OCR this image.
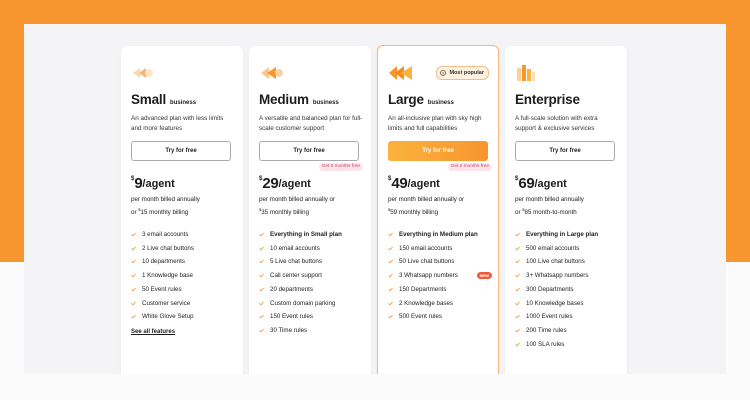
Small business
An advanced plan with less limits and more features
Try for free
$ 9 /agent
per month billed annually
or $15 monthly billing
3 email accounts
2 Live chat buttons
10 departments
1 Knowledge base
50 Event rules
Customer service
White Glove Setup
See all features
Medium business
A versatile and balanced plan for full-scale customer support
Try for free
Get 2 months free
$ 29 /agent
per month billed annually or
$35 monthly billing
Everything in Small plan
10 email accounts
5 Live chat buttons
Call center support
20 departments
Custom domain parking
150 Event rules
30 Time rules
Most popular
Large business
An all-inclusive plan with sky high limits and full capabilities
Try for free
Get 2 months free
$ 49 /agent
per month billed annually or
$59 monthly billing
Everything in Medium plan
150 email accounts
50 Live chat buttons
3 Whatsapp numbers	NEW
150 Departments
2 Knowledge bases
500 Event rules
Enterprise
A full-scale solution with extra support & exclusive services
Try for free
$ 69 /agent
per month billed annually
or $85 month-to-month
Everything in Large plan
500 email accounts
100 Live chat buttons
3+ Whatsapp numbers
300 Departments
10 Knowledge bases
1000 Event rules
200 Time rules
100 SLA rules
